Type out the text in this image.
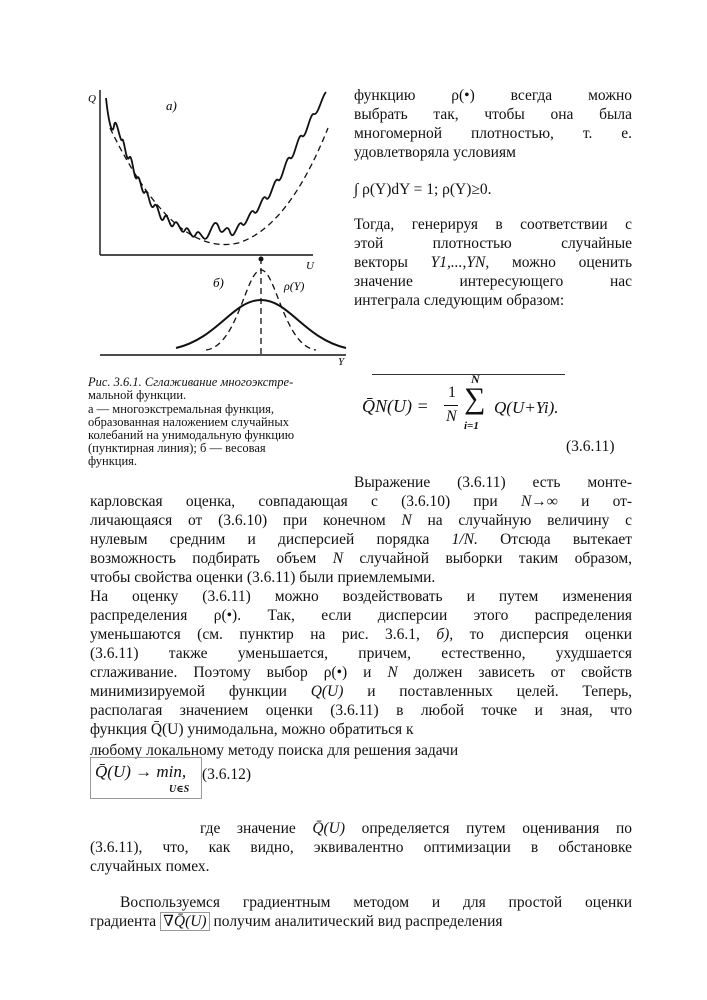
Q	а)
U
б)	ρ(Y)
Y
функцию ρ(•) всегда можно
выбрать так, чтобы она была
многомерной плотностью, т. е.
удовлетворяла условиям
∫ ρ(Y)dY = 1; ρ(Y)≥0.
Тогда, генерируя в соответствии с
этой	плотностью	случайные
векторы Y1,...,YN, можно оценить
значение	интересующего	нас
интеграла следующим образом:
Рис. 3.6.1. Сглаживание многоэкстре-
мальной функции.
а — многоэкстремальная функция,
образованная наложением случайных
колебаний на унимодальную функцию
(пунктирная линия); б — весовая
функция.
Q̄N(U) =
1
N
N
∑
i=1
Q(U+Yi).
(3.6.11)
Выражение (3.6.11) есть монте-
карловская оценка, совпадающая с (3.6.10) при N→∞ и от-
личающаяся от (3.6.10) при конечном N на случайную величину с
нулевым средним и дисперсией порядка 1/N. Отсюда вытекает
возможность подбирать объем N случайной выборки таким образом,
чтобы свойства оценки (3.6.11) были приемлемыми.
На оценку (3.6.11) можно воздействовать и путем изменения
распределения ρ(•). Так, если дисперсии этого распределения
уменьшаются (см. пунктир на рис. 3.6.1, б), то дисперсия оценки
(3.6.11) также уменьшается, причем, естественно, ухудшается
сглаживание. Поэтому выбор ρ(•) и N должен зависеть от свойств
минимизируемой функции Q(U) и поставленных целей. Теперь,
располагая значением оценки (3.6.11) в любой точке и зная, что
функция Q̄(U) унимодальна, можно обратиться к
любому локальному методу поиска для решения задачи
Q̄(U) → min,
U∈S
(3.6.12)
где значение Q̄(U) определяется путем оценивания по
(3.6.11), что, как видно, эквивалентно оптимизации в обстановке
случайных помех.
Воспользуемся градиентным методом и для простой оценки
градиента ∇Q̄(U) получим аналитический вид распределения
